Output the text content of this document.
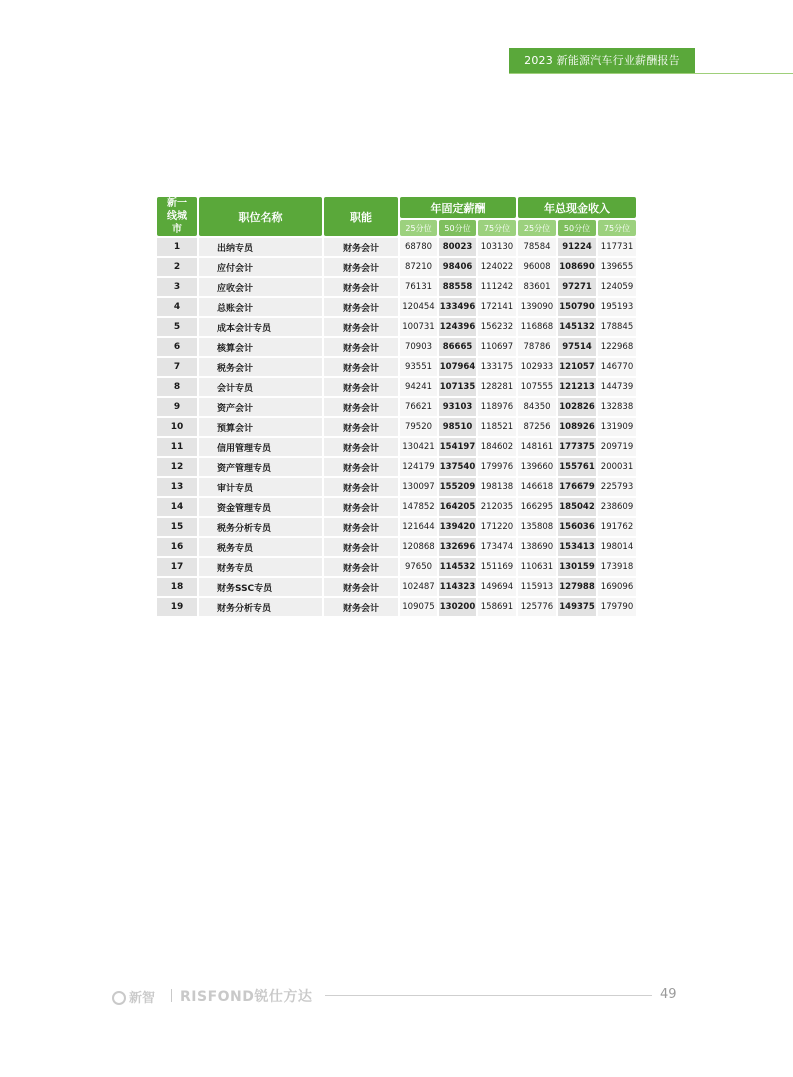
2023 新能源汽车行业薪酬报告
新一线城市	职位名称	职能	年固定薪酬			年总现金收入		
			25分位	50分位	75分位	25分位	50分位	75分位
1	出纳专员	财务会计	68780	80023	103130	78584	91224	117731
2	应付会计	财务会计	87210	98406	124022	96008	108690	139655
3	应收会计	财务会计	76131	88558	111242	83601	97271	124059
4	总账会计	财务会计	120454	133496	172141	139090	150790	195193
5	成本会计专员	财务会计	100731	124396	156232	116868	145132	178845
6	核算会计	财务会计	70903	86665	110697	78786	97514	122968
7	税务会计	财务会计	93551	107964	133175	102933	121057	146770
8	会计专员	财务会计	94241	107135	128281	107555	121213	144739
9	资产会计	财务会计	76621	93103	118976	84350	102826	132838
10	预算会计	财务会计	79520	98510	118521	87256	108926	131909
11	信用管理专员	财务会计	130421	154197	184602	148161	177375	209719
12	资产管理专员	财务会计	124179	137540	179976	139660	155761	200031
13	审计专员	财务会计	130097	155209	198138	146618	176679	225793
14	资金管理专员	财务会计	147852	164205	212035	166295	185042	238609
15	税务分析专员	财务会计	121644	139420	171220	135808	156036	191762
16	税务专员	财务会计	120868	132696	173474	138690	153413	198014
17	财务专员	财务会计	97650	114532	151169	110631	130159	173918
18	财务SSC专员	财务会计	102487	114323	149694	115913	127988	169096
19	财务分析专员	财务会计	109075	130200	158691	125776	149375	179790
新智 RISFOND锐仕方达	49
